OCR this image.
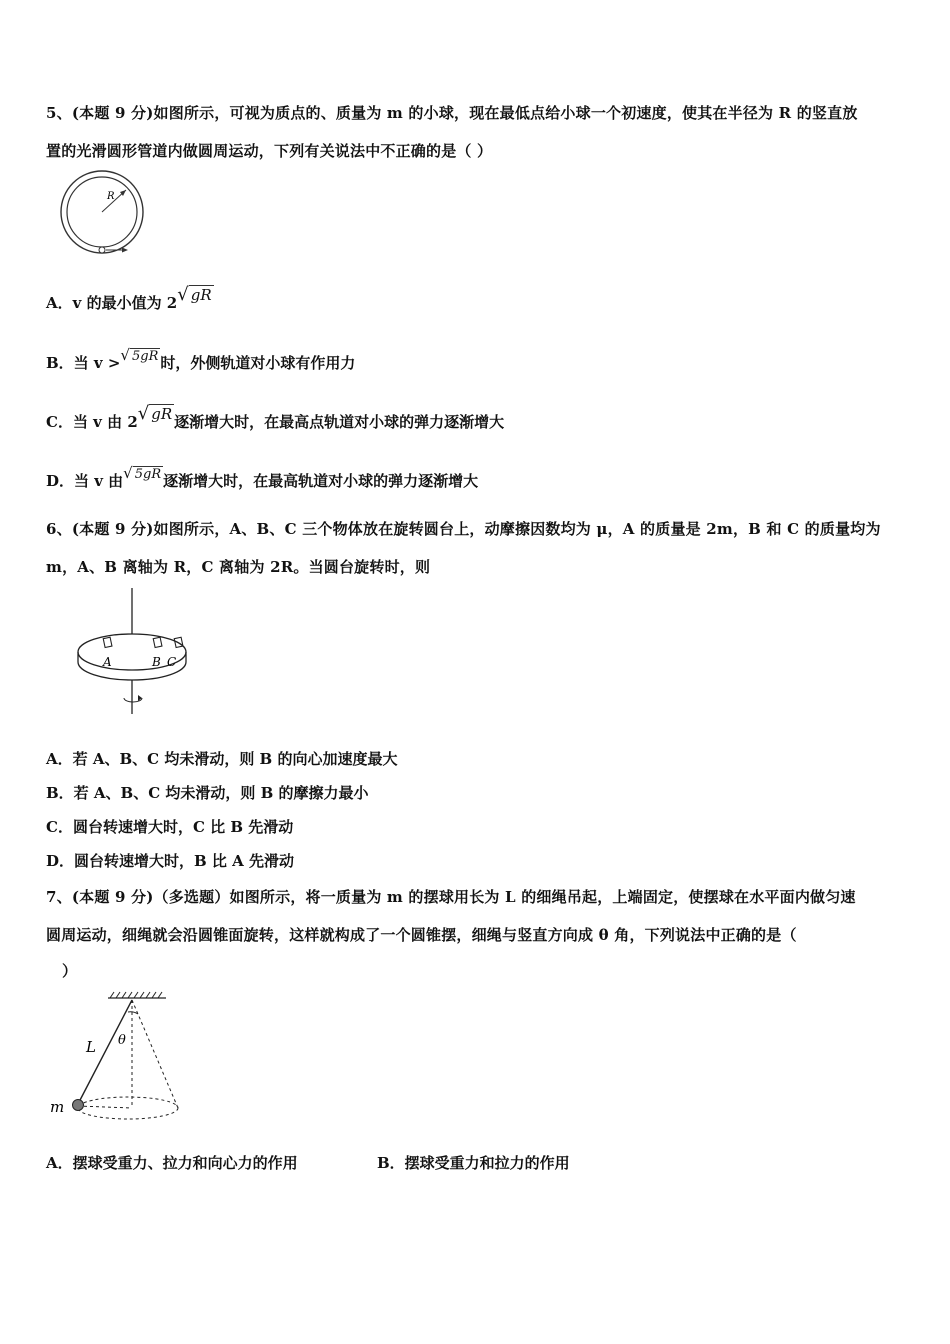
5、(本题 9 分)如图所示，可视为质点的、质量为 m 的小球，现在最低点给小球一个初速度，使其在半径为 R 的竖直放
置的光滑圆形管道内做圆周运动，下列有关说法中不正确的是（ ）
R
A．v 的最小值为 2√ gR
B．当 v >√ 5gR 时，外侧轨道对小球有作用力
C．当 v 由 2√ gR 逐渐增大时，在最高点轨道对小球的弹力逐渐增大
D．当 v 由√ 5gR 逐渐增大时，在最高轨道对小球的弹力逐渐增大
6、(本题 9 分)如图所示，A、B、C 三个物体放在旋转圆台上，动摩擦因数均为 μ，A 的质量是 2m，B 和 C 的质量均为
m，A、B 离轴为 R，C 离轴为 2R。当圆台旋转时，则
A	B C
A．若 A、B、C 均未滑动，则 B 的向心加速度最大
B．若 A、B、C 均未滑动，则 B 的摩擦力最小
C．圆台转速增大时，C 比 B 先滑动
D．圆台转速增大时，B 比 A 先滑动
7、(本题 9 分)（多选题）如图所示，将一质量为 m 的摆球用长为 L 的细绳吊起，上端固定，使摆球在水平面内做匀速
圆周运动，细绳就会沿圆锥面旋转，这样就构成了一个圆锥摆，细绳与竖直方向成 θ 角，下列说法中正确的是（
）
L θ
m
A．摆球受重力、拉力和向心力的作用	B．摆球受重力和拉力的作用
